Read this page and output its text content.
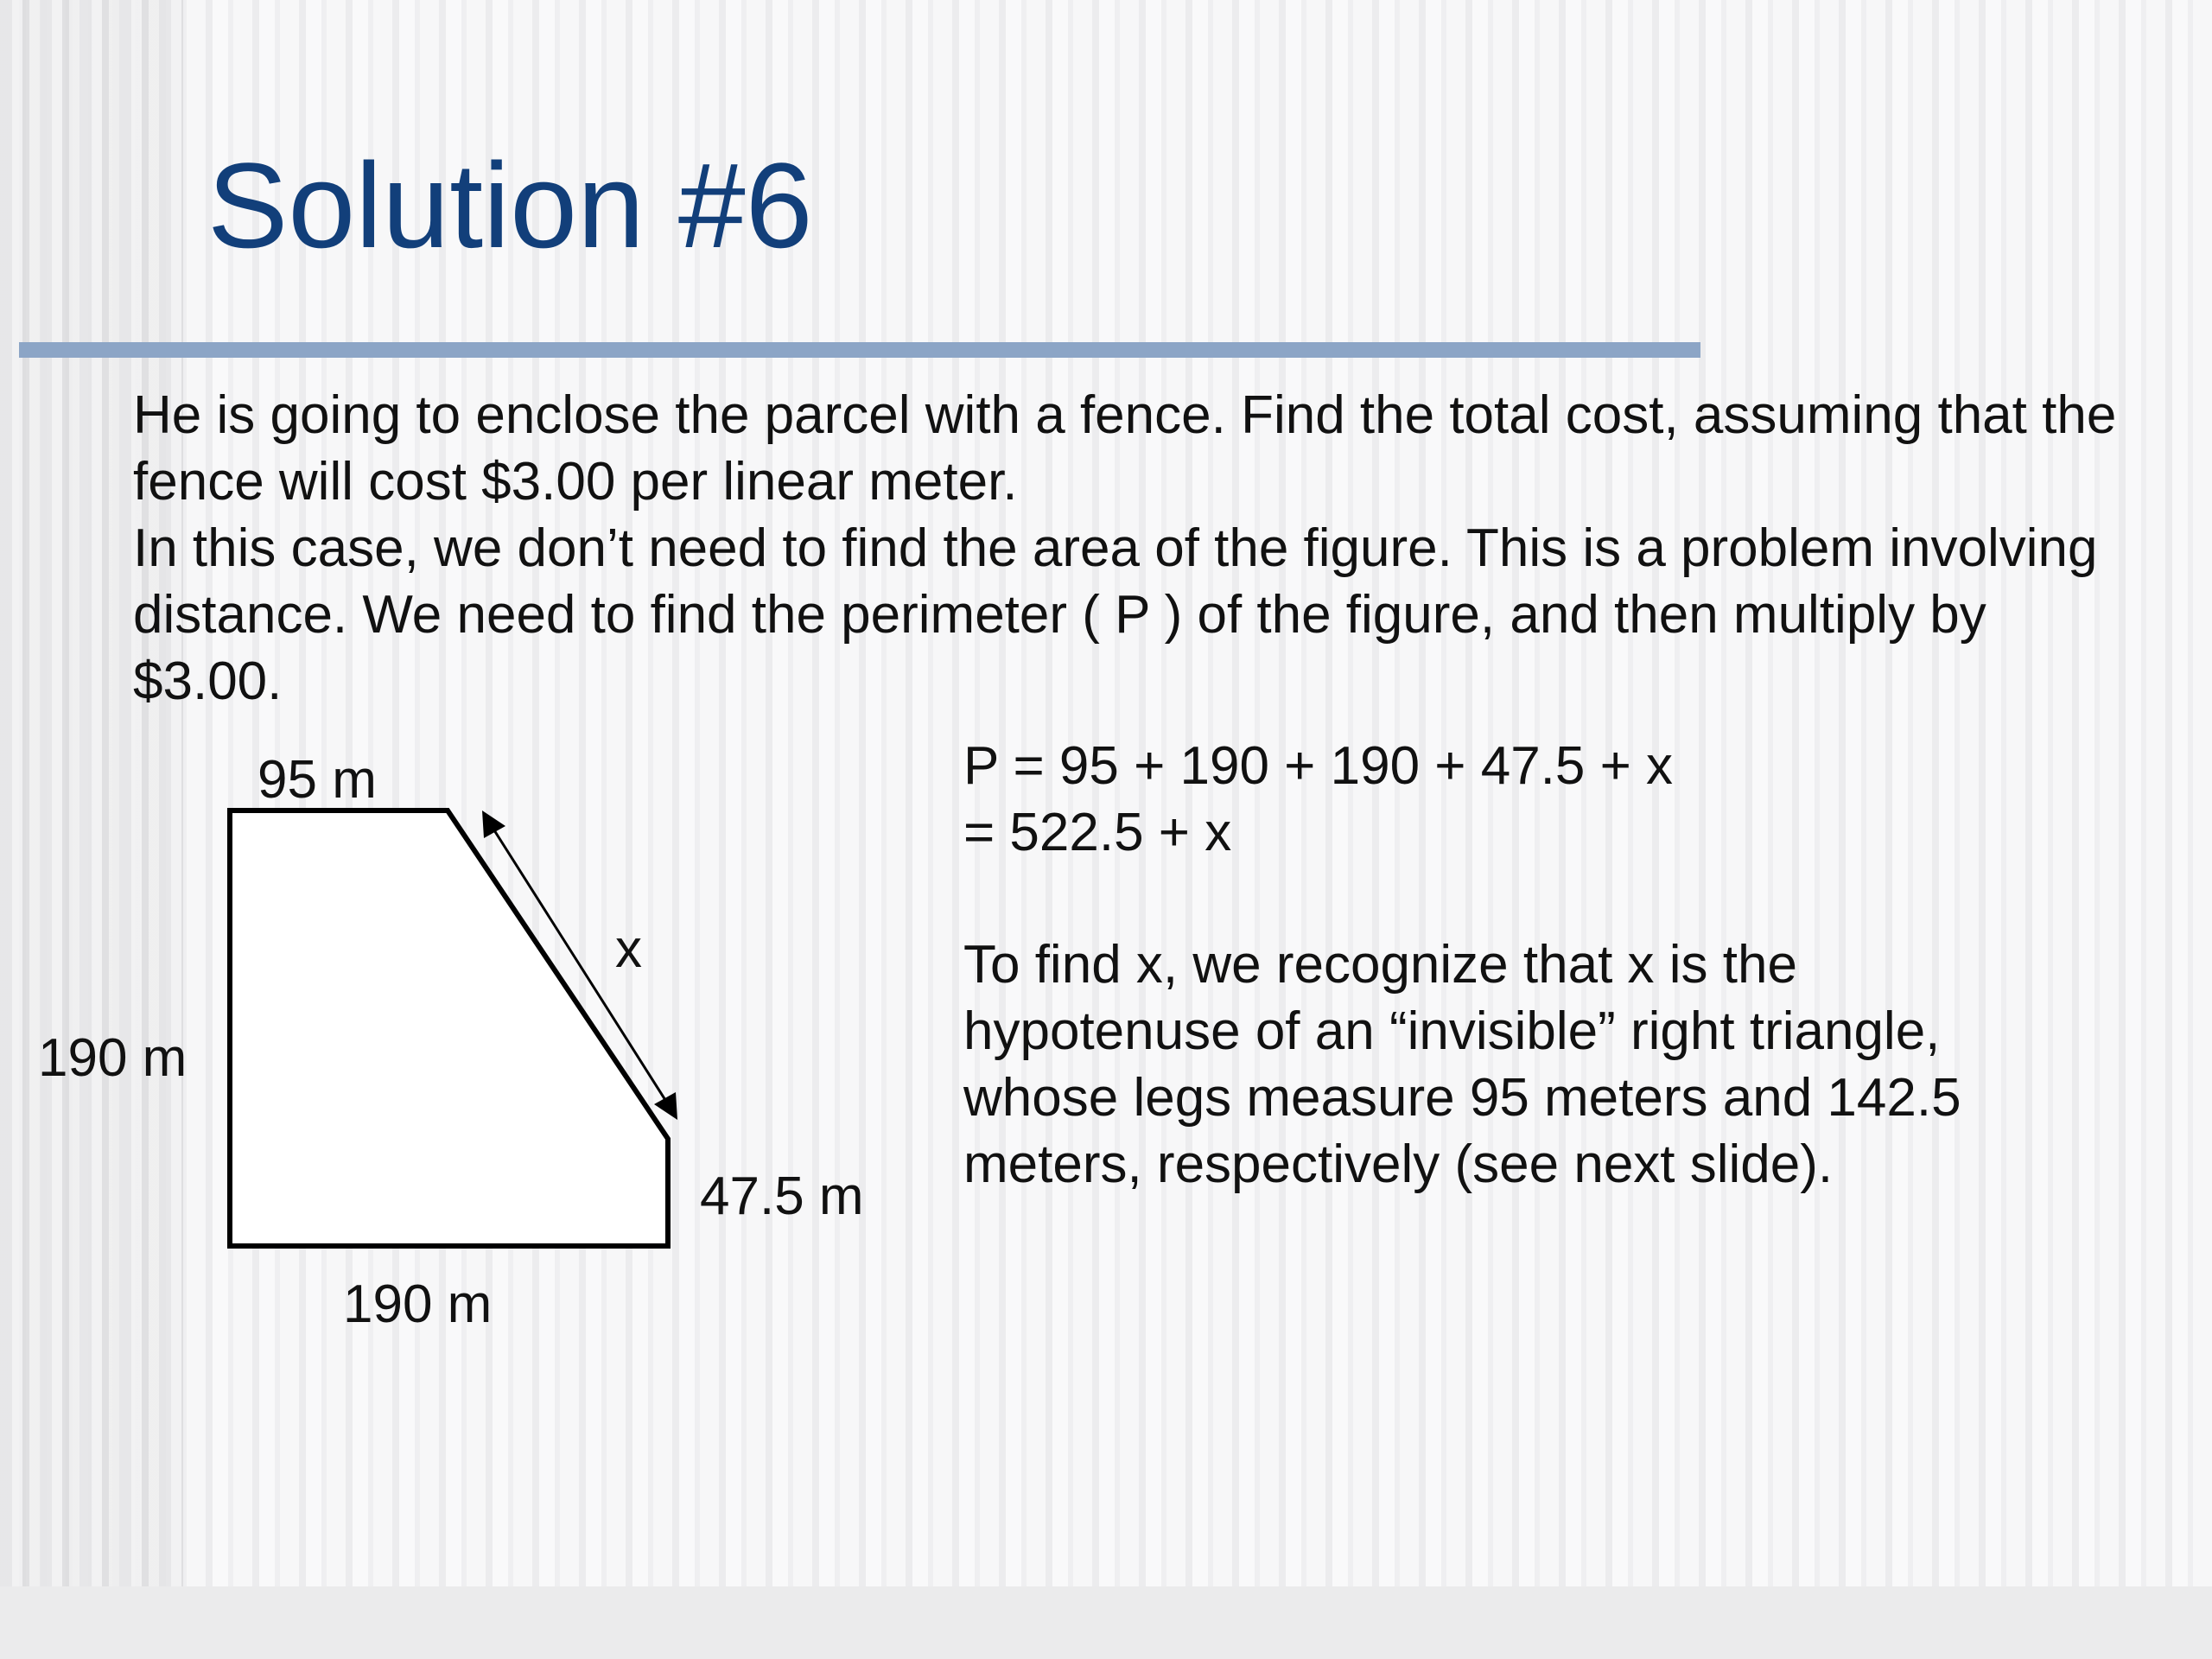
Solution #6

He is going to enclose the parcel with a fence. Find the total cost, assuming that the fence will cost $3.00 per linear meter.

In this case, we don’t need to find the area of the figure. This is a problem involving distance. We need to find the perimeter ( P ) of the figure, and then multiply by $3.00.

95 m
190 m
190 m
47.5 m
x

P = 95 + 190 + 190 + 47.5 + x

= 522.5 + x

To find x, we recognize that x is the hypotenuse of an “invisible” right triangle, whose legs measure 95 meters and 142.5 meters, respectively (see next slide).
